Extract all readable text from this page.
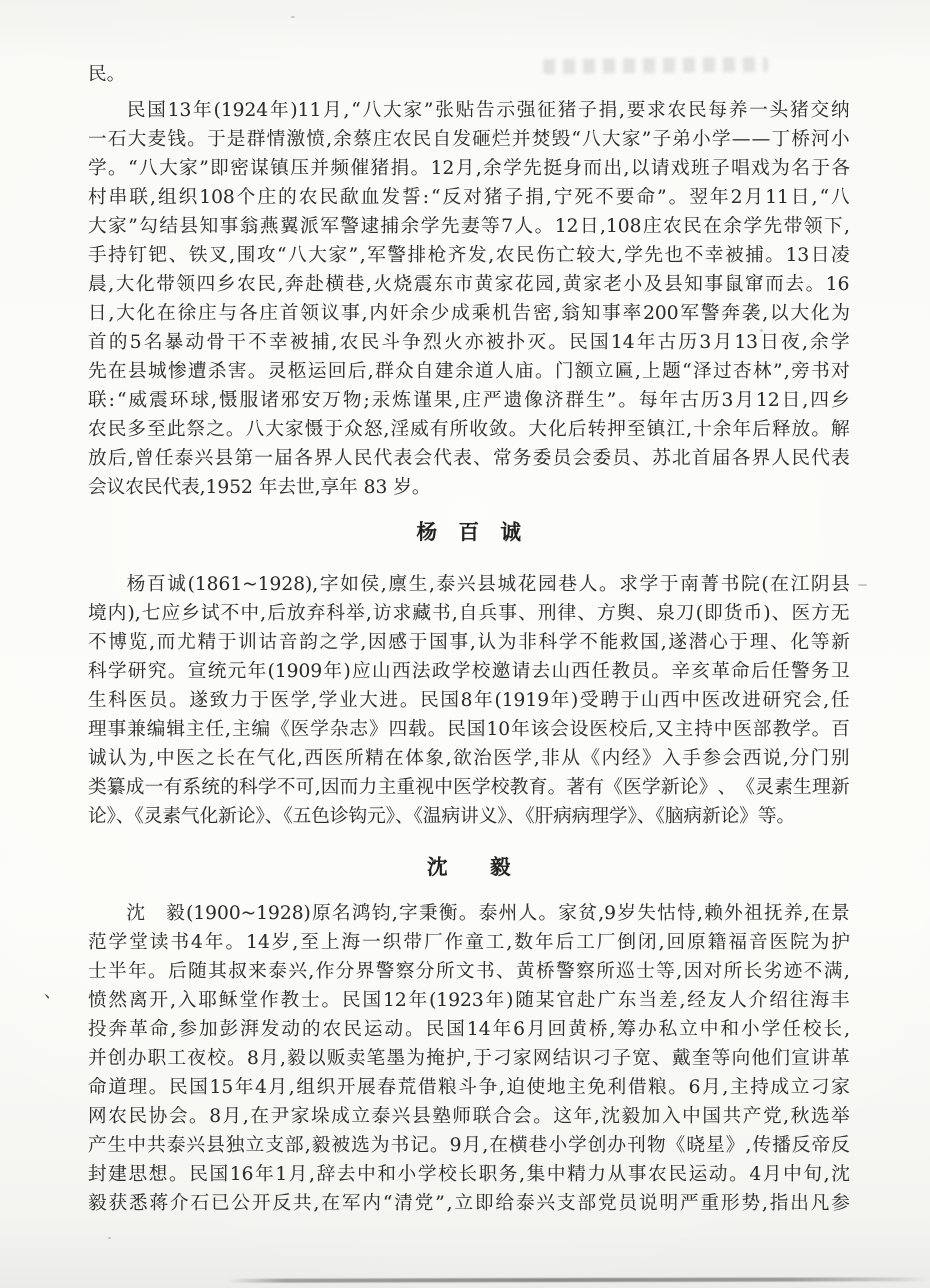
民。
民 国 13 年 (1924 年 )11 月 , “ 八 大 家 ” 张 贴 告 示 强 征 猪 子 捐 , 要 求 农 民 每 养 一 头 猪 交 纳
一 石 大 麦 钱 。 于 是 群 情 激 愤 , 余 蔡 庄 农 民 自 发 砸 烂 并 焚 毁 “ 八 大 家 ” 子 弟 小 学 — — 丁 桥 河 小
学 。 “ 八 大 家 ” 即 密 谋 镇 压 并 频 催 猪 捐 。 12 月 , 余 学 先 挺 身 而 出 , 以 请 戏 班 子 唱 戏 为 名 于 各
村 串 联 , 组 织 108 个 庄 的 农 民 歃 血 发 誓 : “ 反 对 猪 子 捐 , 宁 死 不 要 命 ” 。 翌 年 2 月 11 日 , “ 八
大 家 ” 勾 结 县 知 事 翁 燕 翼 派 军 警 逮 捕 余 学 先 妻 等 7 人 。 12 日 ,108 庄 农 民 在 余 学 先 带 领 下 ,
手 持 钉 钯 、 铁 叉 , 围 攻 “ 八 大 家 ” , 军 警 排 枪 齐 发 , 农 民 伤 亡 较 大 , 学 先 也 不 幸 被 捕 。 13 日 凌
晨 , 大 化 带 领 四 乡 农 民 , 奔 赴 横 巷 , 火 烧 震 东 市 黄 家 花 园 , 黄 家 老 小 及 县 知 事 鼠 窜 而 去 。 16
日 , 大 化 在 徐 庄 与 各 庄 首 领 议 事 , 内 奸 余 少 成 乘 机 告 密 , 翁 知 事 率 200 军 警 奔 袭 , 以 大 化 为
首 的 5 名 暴 动 骨 干 不 幸 被 捕 , 农 民 斗 争 烈 火 亦 被 扑 灭 。 民 国 14 年 古 历 3 月 13 日 夜 , 余 学
先 在 县 城 惨 遭 杀 害 。 灵 柩 运 回 后 , 群 众 自 建 余 道 人 庙 。 门 额 立 匾 , 上 题 “ 泽 过 杏 林 ” , 旁 书 对
联 : “ 威 震 环 球 , 慑 服 诸 邪 安 万 物 ; 汞 炼 谨 果 , 庄 严 遗 像 济 群 生 ” 。 每 年 古 历 3 月 12 日 , 四 乡
农 民 多 至 此 祭 之 。 八 大 家 慑 于 众 怒 , 淫 威 有 所 收 敛 。 大 化 后 转 押 至 镇 江 , 十 余 年 后 释 放 。 解
放 后 , 曾 任 泰 兴 县 第 一 届 各 界 人 民 代 表 会 代 表 、 常 务 委 员 会 委 员 、 苏 北 首 届 各 界 人 民 代 表
会议农民代表,1952 年去世,享年 83 岁。
杨　百　诚
杨 百 诚 (1861~1928), 字 如 侯 , 廪 生 , 泰 兴 县 城 花 园 巷 人 。 求 学 于 南 菁 书 院 ( 在 江 阴 县
境 内 ), 七 应 乡 试 不 中 , 后 放 弃 科 举 , 访 求 藏 书 , 自 兵 事 、 刑 律 、 方 舆 、 泉 刀 ( 即 货 币 ) 、 医 方 无
不 博 览 , 而 尤 精 于 训 诂 音 韵 之 学 , 因 感 于 国 事 , 认 为 非 科 学 不 能 救 国 , 遂 潜 心 于 理 、 化 等 新
科 学 研 究 。 宣 统 元 年 (1909 年 ) 应 山 西 法 政 学 校 邀 请 去 山 西 任 教 员 。 辛 亥 革 命 后 任 警 务 卫
生 科 医 员 。 遂 致 力 于 医 学 , 学 业 大 进 。 民 国 8 年 (1919 年 ) 受 聘 于 山 西 中 医 改 进 研 究 会 , 任
理 事 兼 编 辑 主 任 , 主 编 《 医 学 杂 志 》 四 载 。 民 国 10 年 该 会 设 医 校 后 , 又 主 持 中 医 部 教 学 。 百
诚 认 为 , 中 医 之 长 在 气 化 , 西 医 所 精 在 体 象 , 欲 治 医 学 , 非 从 《 内 经 》 入 手 参 会 西 说 , 分 门 别
类 纂 成 一 有 系 统 的 科 学 不 可 , 因 而 力 主 重 视 中 医 学 校 教 育 。 著 有 《 医 学 新 论 》 、 《 灵 素 生 理 新
论》、《灵素气化新论》、《五色诊钩元》、《温病讲义》、《肝病病理学》、《脑病新论》等。
沈　　毅
沈
　 毅 (1900~1928) 原 名 鸿 钧 , 字 秉 衡 。 泰 州 人 。 家 贫 ,9 岁 失 怙 恃 , 赖 外 祖 抚 养 , 在 景
范 学 堂 读 书 4 年 。 14 岁 , 至 上 海 一 织 带 厂 作 童 工 , 数 年 后 工 厂 倒 闭 , 回 原 籍 福 音 医 院 为 护
士 半 年 。 后 随 其 叔 来 泰 兴 , 作 分 界 警 察 分 所 文 书 、 黄 桥 警 察 所 巡 士 等 , 因 对 所 长 劣 迹 不 满 ,
愤 然 离 开 , 入 耶 稣 堂 作 教 士 。 民 国 12 年 (1923 年 ) 随 某 官 赴 广 东 当 差 , 经 友 人 介 绍 往 海 丰
投 奔 革 命 , 参 加 彭 湃 发 动 的 农 民 运 动 。 民 国 14 年 6 月 回 黄 桥 , 筹 办 私 立 中 和 小 学 任 校 长 ,
并 创 办 职 工 夜 校 。 8 月 , 毅 以 贩 卖 笔 墨 为 掩 护 , 于 刁 家 网 结 识 刁 子 宽 、 戴 奎 等 向 他 们 宣 讲 革
命 道 理 。 民 国 15 年 4 月 , 组 织 开 展 春 荒 借 粮 斗 争 , 迫 使 地 主 免 利 借 粮 。 6 月 , 主 持 成 立 刁 家
网 农 民 协 会 。 8 月 , 在 尹 家 垛 成 立 泰 兴 县 塾 师 联 合 会 。 这 年 , 沈 毅 加 入 中 国 共 产 党 , 秋 选 举
产 生 中 共 泰 兴 县 独 立 支 部 , 毅 被 选 为 书 记 。 9 月 , 在 横 巷 小 学 创 办 刊 物 《 晓 星 》 , 传 播 反 帝 反
封 建 思 想 。 民 国 16 年 1 月 , 辞 去 中 和 小 学 校 长 职 务 , 集 中 精 力 从 事 农 民 运 动 。 4 月 中 旬 , 沈
毅 获 悉 蒋 介 石 已 公 开 反 共 , 在 军 内 “ 清 党 ” , 立 即 给 泰 兴 支 部 党 员 说 明 严 重 形 势 , 指 出 凡 参
、
